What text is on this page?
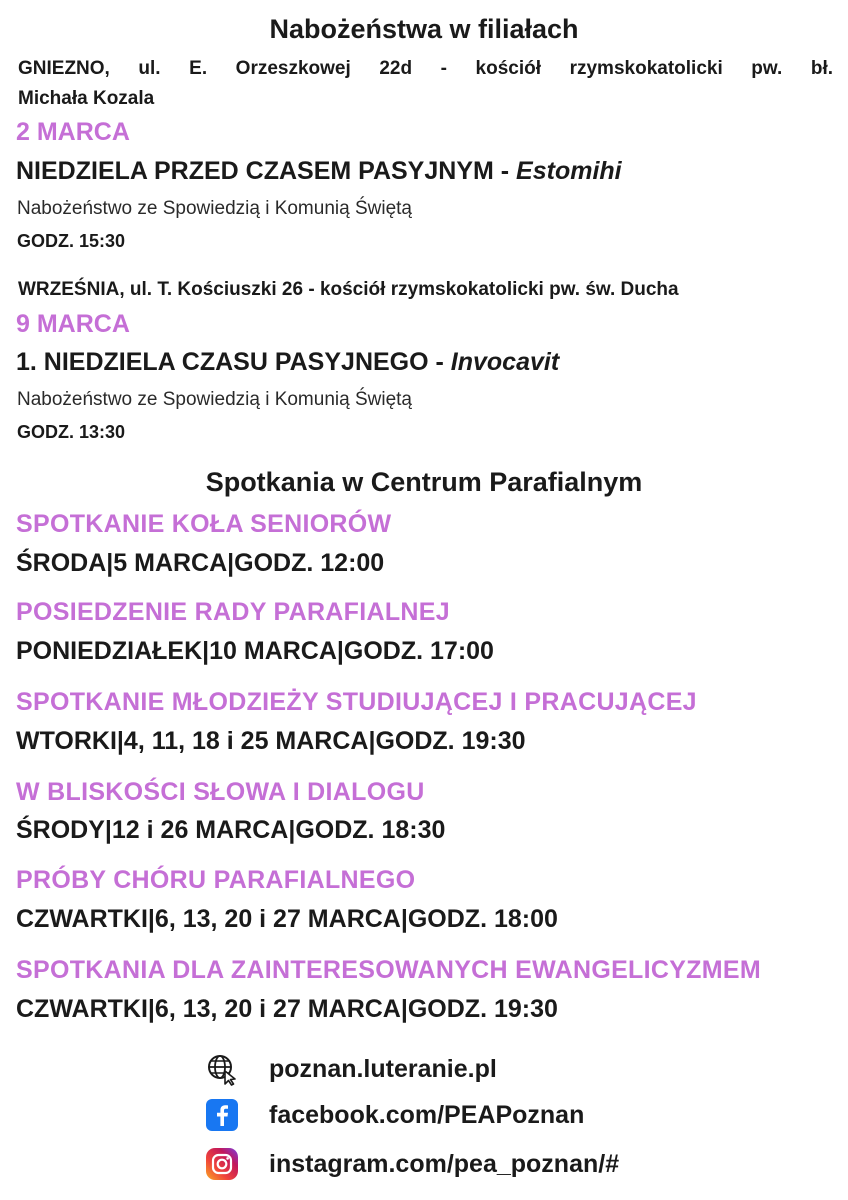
Nabożeństwa w filiałach

GNIEZNO, ul. E. Orzeszkowej 22d - kościół rzymskokatolicki pw. bł.

Michała Kozala

2 MARCA

NIEDZIELA PRZED CZASEM PASYJNYM - Estomihi

Nabożeństwo ze Spowiedzią i Komunią Świętą

GODZ. 15:30

WRZEŚNIA, ul. T. Kościuszki 26 - kościół rzymskokatolicki pw. św. Ducha

9 MARCA

1. NIEDZIELA CZASU PASYJNEGO - Invocavit

Nabożeństwo ze Spowiedzią i Komunią Świętą

GODZ. 13:30

Spotkania w Centrum Parafialnym

SPOTKANIE KOŁA SENIORÓW

ŚRODA|5 MARCA|GODZ. 12:00

POSIEDZENIE RADY PARAFIALNEJ

PONIEDZIAŁEK|10 MARCA|GODZ. 17:00

SPOTKANIE MŁODZIEŻY STUDIUJĄCEJ I PRACUJĄCEJ

WTORKI|4, 11, 18 i 25 MARCA|GODZ. 19:30

W BLISKOŚCI SŁOWA I DIALOGU

ŚRODY|12 i 26 MARCA|GODZ. 18:30

PRÓBY CHÓRU PARAFIALNEGO

CZWARTKI|6, 13, 20 i 27 MARCA|GODZ. 18:00

SPOTKANIA DLA ZAINTERESOWANYCH EWANGELICYZMEM

CZWARTKI|6, 13, 20 i 27 MARCA|GODZ. 19:30

poznan.luteranie.pl
facebook.com/PEAPoznan
instagram.com/pea_poznan/#
